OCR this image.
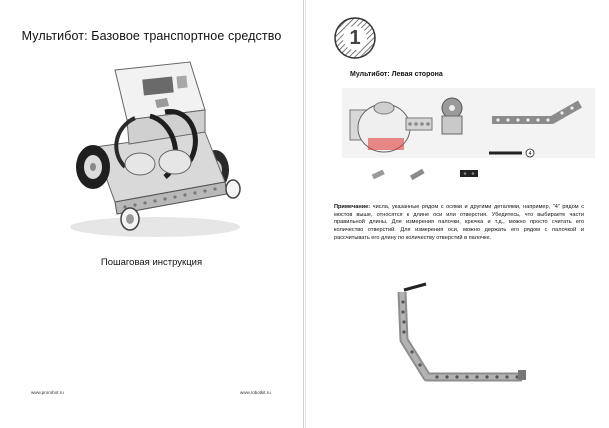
Мультибот: Базовое транспортное средство
Пошаговая инструкция
www.prorobot.ru	www.robotkit.ru
1
Мультибот: Левая сторона
4
Примечание: числа, указанные рядом с осями и другими деталями, например, "4" рядом с мостов выше, относятся к длине оси или отверстия. Убедитесь, что выбираете части правильной длины. Для измерения палочки, крючка и т.д., можно просто считать его количество отверстий. Для измерения оси, можно держать его рядом с палочкой и рассчитывать его длину по количеству отверстий в палочке.
